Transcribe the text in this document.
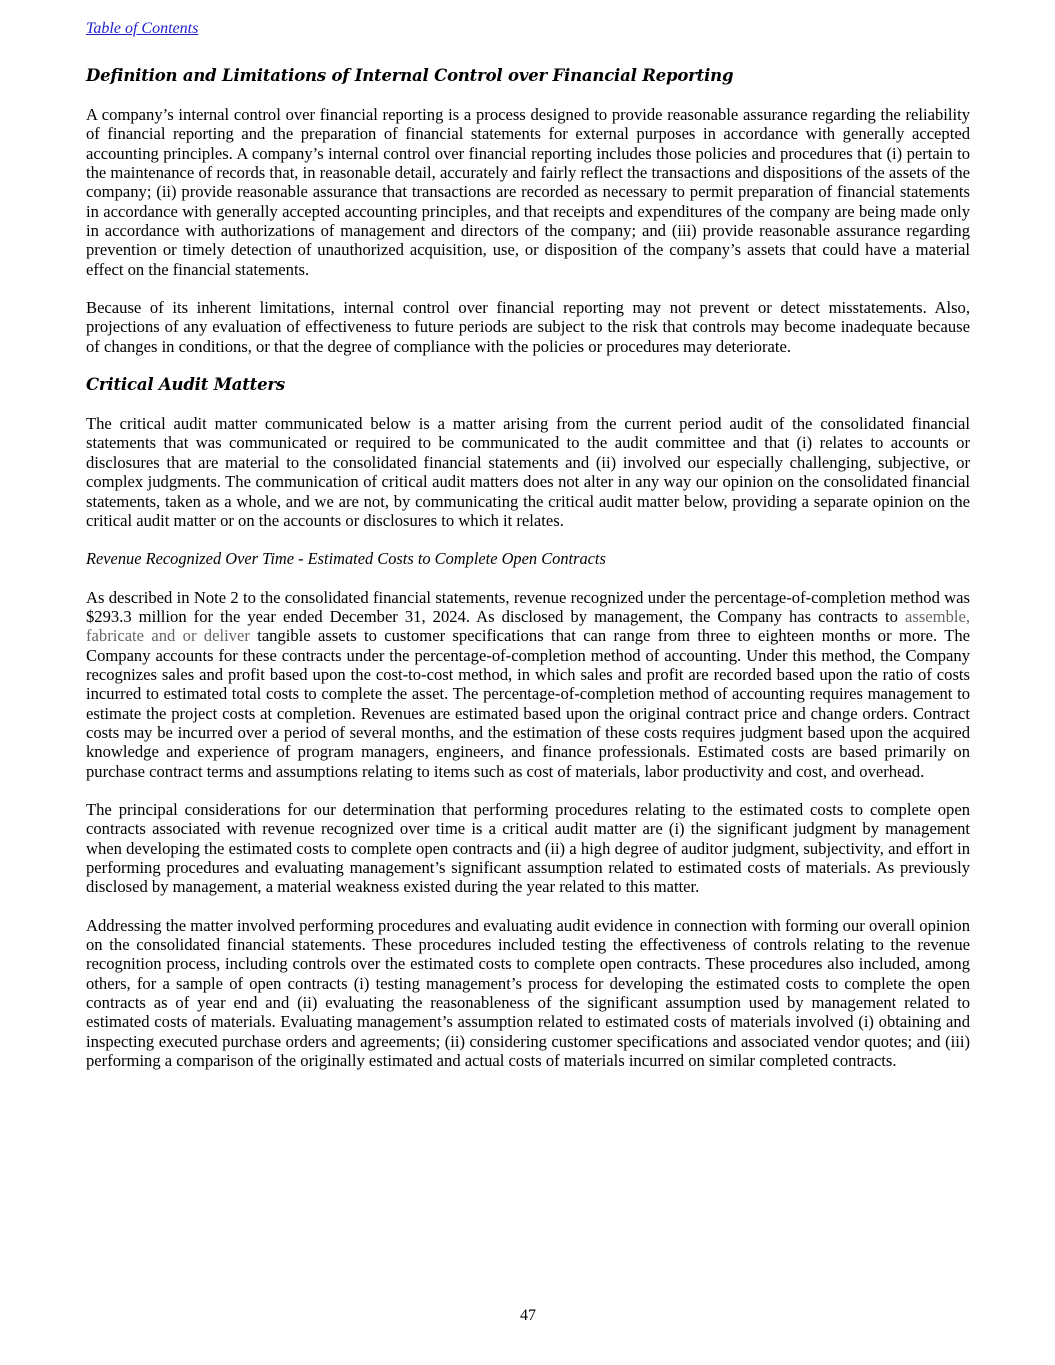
Table of Contents
Definition and Limitations of Internal Control over Financial Reporting

A company’s internal control over financial reporting is a process designed to provide reasonable assurance regarding the reliability of financial reporting and the preparation of financial statements for external purposes in accordance with generally accepted accounting principles. A company’s internal control over financial reporting includes those policies and procedures that (i) pertain to the maintenance of records that, in reasonable detail, accurately and fairly reflect the transactions and dispositions of the assets of the company; (ii) provide reasonable assurance that transactions are recorded as necessary to permit preparation of financial statements in accordance with generally accepted accounting principles, and that receipts and expenditures of the company are being made only in accordance with authorizations of management and directors of the company; and (iii) provide reasonable assurance regarding prevention or timely detection of unauthorized acquisition, use, or disposition of the company’s assets that could have a material effect on the financial statements.

Because of its inherent limitations, internal control over financial reporting may not prevent or detect misstatements. Also, projections of any evaluation of effectiveness to future periods are subject to the risk that controls may become inadequate because of changes in conditions, or that the degree of compliance with the policies or procedures may deteriorate.

Critical Audit Matters

The critical audit matter communicated below is a matter arising from the current period audit of the consolidated financial statements that was communicated or required to be communicated to the audit committee and that (i) relates to accounts or disclosures that are material to the consolidated financial statements and (ii) involved our especially challenging, subjective, or complex judgments. The communication of critical audit matters does not alter in any way our opinion on the consolidated financial statements, taken as a whole, and we are not, by communicating the critical audit matter below, providing a separate opinion on the critical audit matter or on the accounts or disclosures to which it relates.

Revenue Recognized Over Time - Estimated Costs to Complete Open Contracts

As described in Note 2 to the consolidated financial statements, revenue recognized under the percentage-of-completion method was $293.3 million for the year ended December 31, 2024. As disclosed by management, the Company has contracts to assemble, fabricate and or deliver tangible assets to customer specifications that can range from three to eighteen months or more. The Company accounts for these contracts under the percentage-of-completion method of accounting. Under this method, the Company recognizes sales and profit based upon the cost-to-cost method, in which sales and profit are recorded based upon the ratio of costs incurred to estimated total costs to complete the asset. The percentage-of-completion method of accounting requires management to estimate the project costs at completion. Revenues are estimated based upon the original contract price and change orders. Contract costs may be incurred over a period of several months, and the estimation of these costs requires judgment based upon the acquired knowledge and experience of program managers, engineers, and finance professionals. Estimated costs are based primarily on purchase contract terms and assumptions relating to items such as cost of materials, labor productivity and cost, and overhead.

The principal considerations for our determination that performing procedures relating to the estimated costs to complete open contracts associated with revenue recognized over time is a critical audit matter are (i) the significant judgment by management when developing the estimated costs to complete open contracts and (ii) a high degree of auditor judgment, subjectivity, and effort in performing procedures and evaluating management’s significant assumption related to estimated costs of materials. As previously disclosed by management, a material weakness existed during the year related to this matter.

Addressing the matter involved performing procedures and evaluating audit evidence in connection with forming our overall opinion on the consolidated financial statements. These procedures included testing the effectiveness of controls relating to the revenue recognition process, including controls over the estimated costs to complete open contracts. These procedures also included, among others, for a sample of open contracts (i) testing management’s process for developing the estimated costs to complete the open contracts as of year end and (ii) evaluating the reasonableness of the significant assumption used by management related to estimated costs of materials. Evaluating management’s assumption related to estimated costs of materials involved (i) obtaining and inspecting executed purchase orders and agreements; (ii) considering customer specifications and associated vendor quotes; and (iii) performing a comparison of the originally estimated and actual costs of materials incurred on similar completed contracts.

47
